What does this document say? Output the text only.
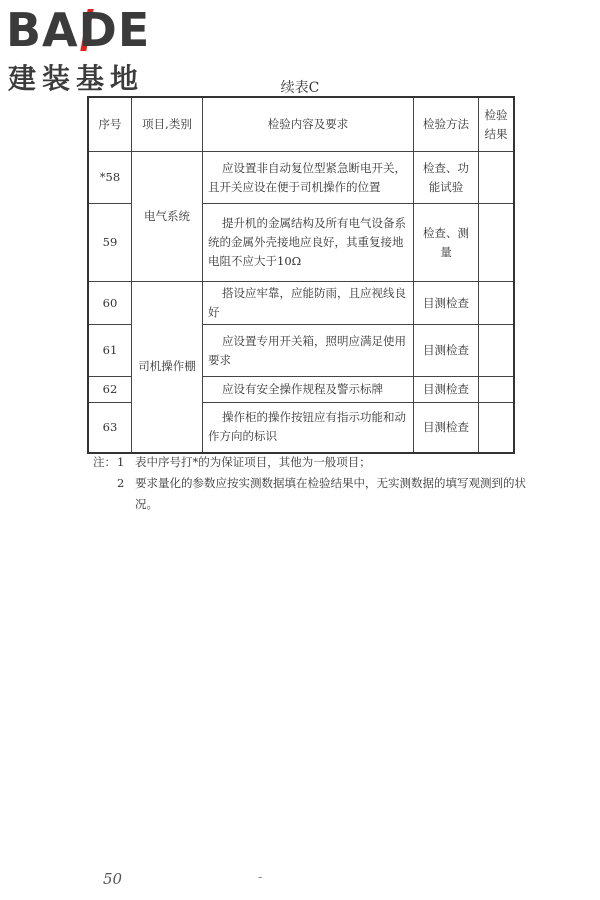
BADE
建装基地	续表C
序号	项目,类别	检验内容及要求	检验方法	检验结果
*58	电气系统	应设置非自动复位型紧急断电开关，且开关应设在便于司机操作的位置	检查、功能试验	
59		提升机的金属结构及所有电气设备系统的金属外壳接地应良好，其重复接地电阻不应大于10Ω	检查、测量	
60	司机操作棚	搭设应牢靠，应能防雨，且应视线良好	目测检查	
61		应设置专用开关箱，照明应满足使用要求	目测检查	
62		应设有安全操作规程及警示标牌	目测检查	
63		操作柜的操作按钮应有指示功能和动作方向的标识	目测检查	
注： 1 表中序号打*的为保证项目，其他为一般项目；
2 要求量化的参数应按实测数据填在检验结果中，无实测数据的填写观测到的状况。
50	-
